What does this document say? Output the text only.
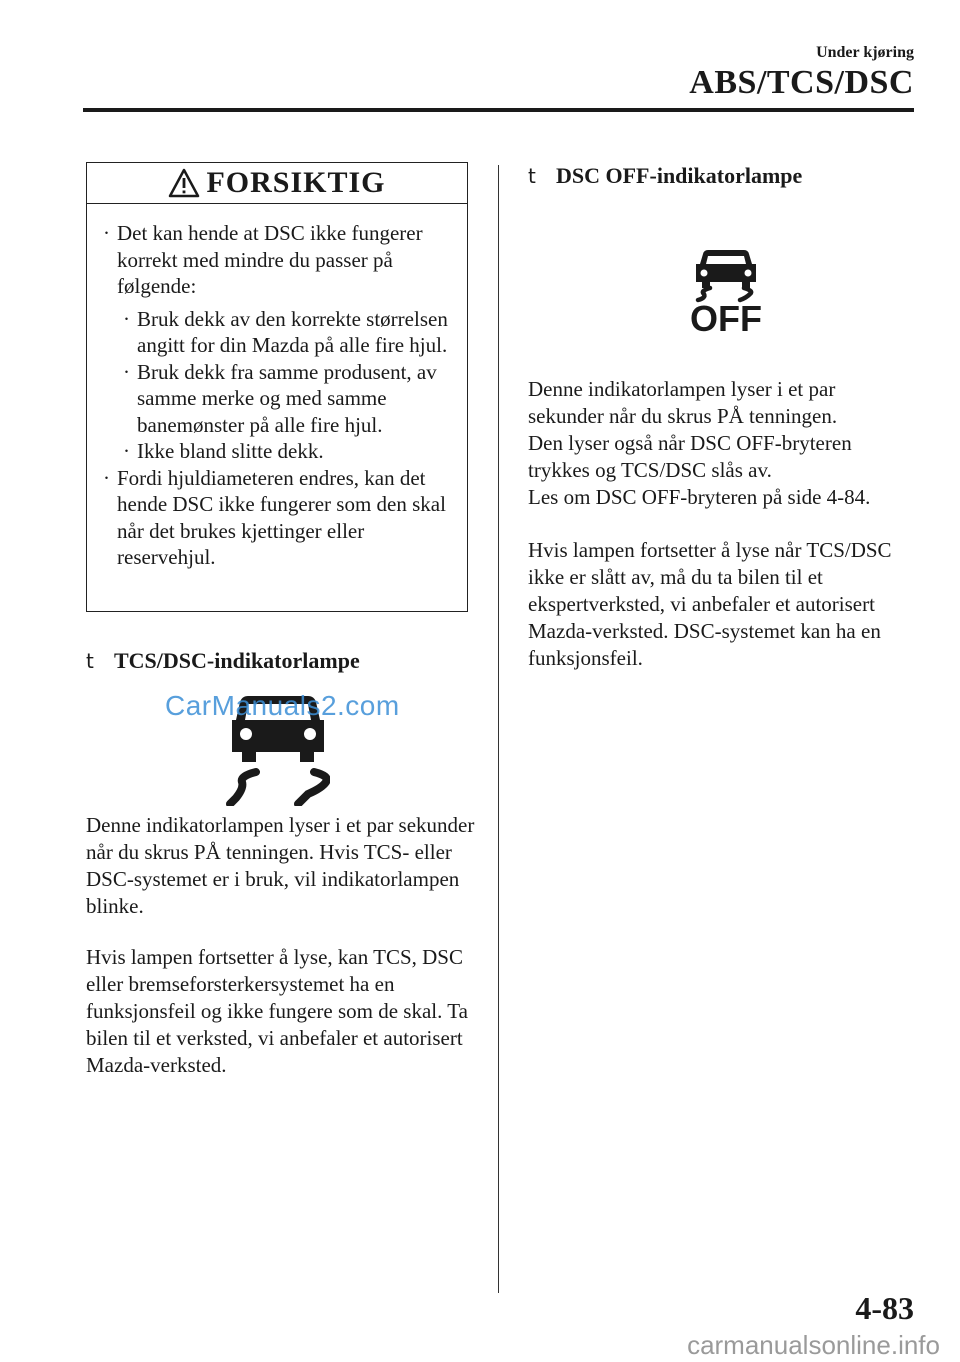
Under kjøring
ABS/TCS/DSC
FORSIKTIG

· Det kan hende at DSC ikke fungerer korrekt med mindre du passer på følgende:

· Bruk dekk av den korrekte størrelsen angitt for din Mazda på alle fire hjul.

· Bruk dekk fra samme produsent, av samme merke og med samme banemønster på alle fire hjul.

· Ikke bland slitte dekk.

· Fordi hjuldiameteren endres, kan det hende DSC ikke fungerer som den skal når det brukes kjettinger eller reservehjul.

t TCS/DSC-indikatorlampe
CarManuals2.com
Denne indikatorlampen lyser i et par sekunder når du skrus PÅ tenningen. Hvis TCS- eller DSC-systemet er i bruk, vil indikatorlampen blinke.
Hvis lampen fortsetter å lyse, kan TCS, DSC eller bremseforsterkersystemet ha en funksjonsfeil og ikke fungere som de skal. Ta bilen til et verksted, vi anbefaler et autorisert Mazda-verksted.
t DSC OFF-indikatorlampe
OFF

Denne indikatorlampen lyser i et par sekunder når du skrus PÅ tenningen.

Den lyser også når DSC OFF-bryteren trykkes og TCS/DSC slås av.

Les om DSC OFF-bryteren på side 4-84.

Hvis lampen fortsetter å lyse når TCS/DSC ikke er slått av, må du ta bilen til et ekspertverksted, vi anbefaler et autorisert Mazda-verksted. DSC-systemet kan ha en funksjonsfeil.
4-83
carmanualsonline.info
